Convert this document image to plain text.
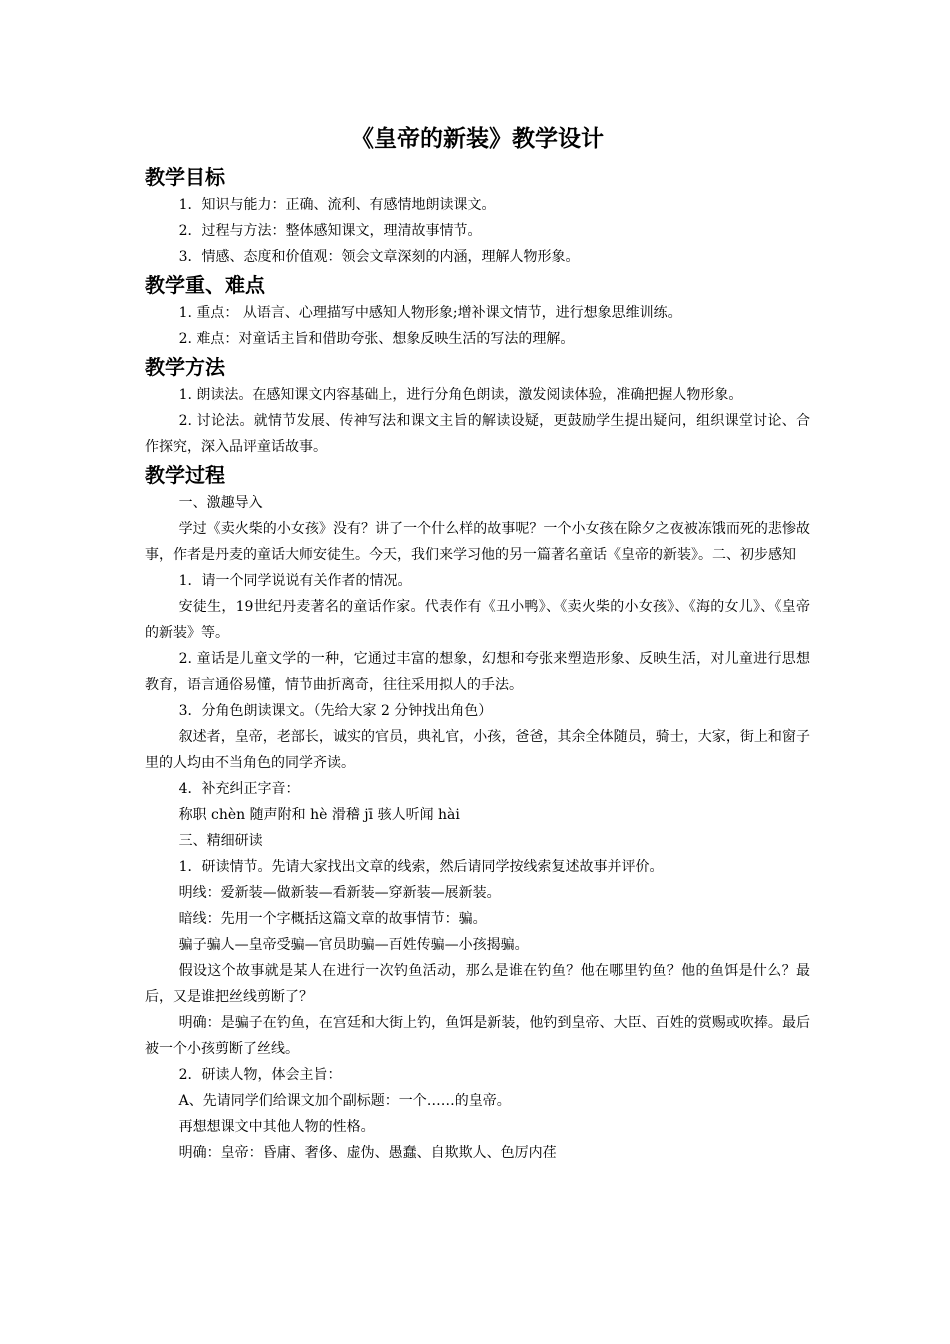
《皇帝的新装》教学设计
教学目标
1．知识与能力：正确、流利、有感情地朗读课文。
2．过程与方法：整体感知课文，理清故事情节。
3．情感、态度和价值观：领会文章深刻的内涵，理解人物形象。
教学重、难点
1. 重点： 从语言、心理描写中感知人物形象;增补课文情节，进行想象思维训练。
2. 难点：对童话主旨和借助夸张、想象反映生活的写法的理解。
教学方法
1. 朗读法。在感知课文内容基础上，进行分角色朗读，激发阅读体验，准确把握人物形象。
2. 讨论法。就情节发展、传神写法和课文主旨的解读设疑，更鼓励学生提出疑问，组织课堂讨论、合作探究，深入品评童话故事。
教学过程
一、激趣导入
学过《卖火柴的小女孩》没有？讲了一个什么样的故事呢？一个小女孩在除夕之夜被冻饿而死的悲惨故事，作者是丹麦的童话大师安徒生。今天，我们来学习他的另一篇著名童话《皇帝的新装》。二、初步感知
1．请一个同学说说有关作者的情况。
安徒生，19世纪丹麦著名的童话作家。代表作有《丑小鸭》、《卖火柴的小女孩》、《海的女儿》、《皇帝的新装》等。
2. 童话是儿童文学的一种，它通过丰富的想象，幻想和夸张来塑造形象、反映生活，对儿童进行思想教育，语言通俗易懂，情节曲折离奇，往往采用拟人的手法。
3．分角色朗读课文。（先给大家 2 分钟找出角色）
叙述者，皇帝，老部长，诚实的官员，典礼官，小孩，爸爸，其余全体随员，骑士，大家，街上和窗子里的人均由不当角色的同学齐读。
4．补充纠正字音：
称职 chèn 随声附和 hè 滑稽 jī 骇人听闻 hài
三、精细研读
1．研读情节。先请大家找出文章的线索，然后请同学按线索复述故事并评价。
明线：爱新装—做新装—看新装—穿新装—展新装。
暗线：先用一个字概括这篇文章的故事情节：骗。
骗子骗人—皇帝受骗—官员助骗—百姓传骗—小孩揭骗。
假设这个故事就是某人在进行一次钓鱼活动，那么是谁在钓鱼？他在哪里钓鱼？他的鱼饵是什么？最后，又是谁把丝线剪断了？
明确：是骗子在钓鱼，在宫廷和大街上钓，鱼饵是新装，他钓到皇帝、大臣、百姓的赏赐或吹捧。最后被一个小孩剪断了丝线。
2．研读人物，体会主旨：
A、先请同学们给课文加个副标题：一个……的皇帝。
再想想课文中其他人物的性格。
明确：皇帝：昏庸、奢侈、虚伪、愚蠢、自欺欺人、色厉内荏
